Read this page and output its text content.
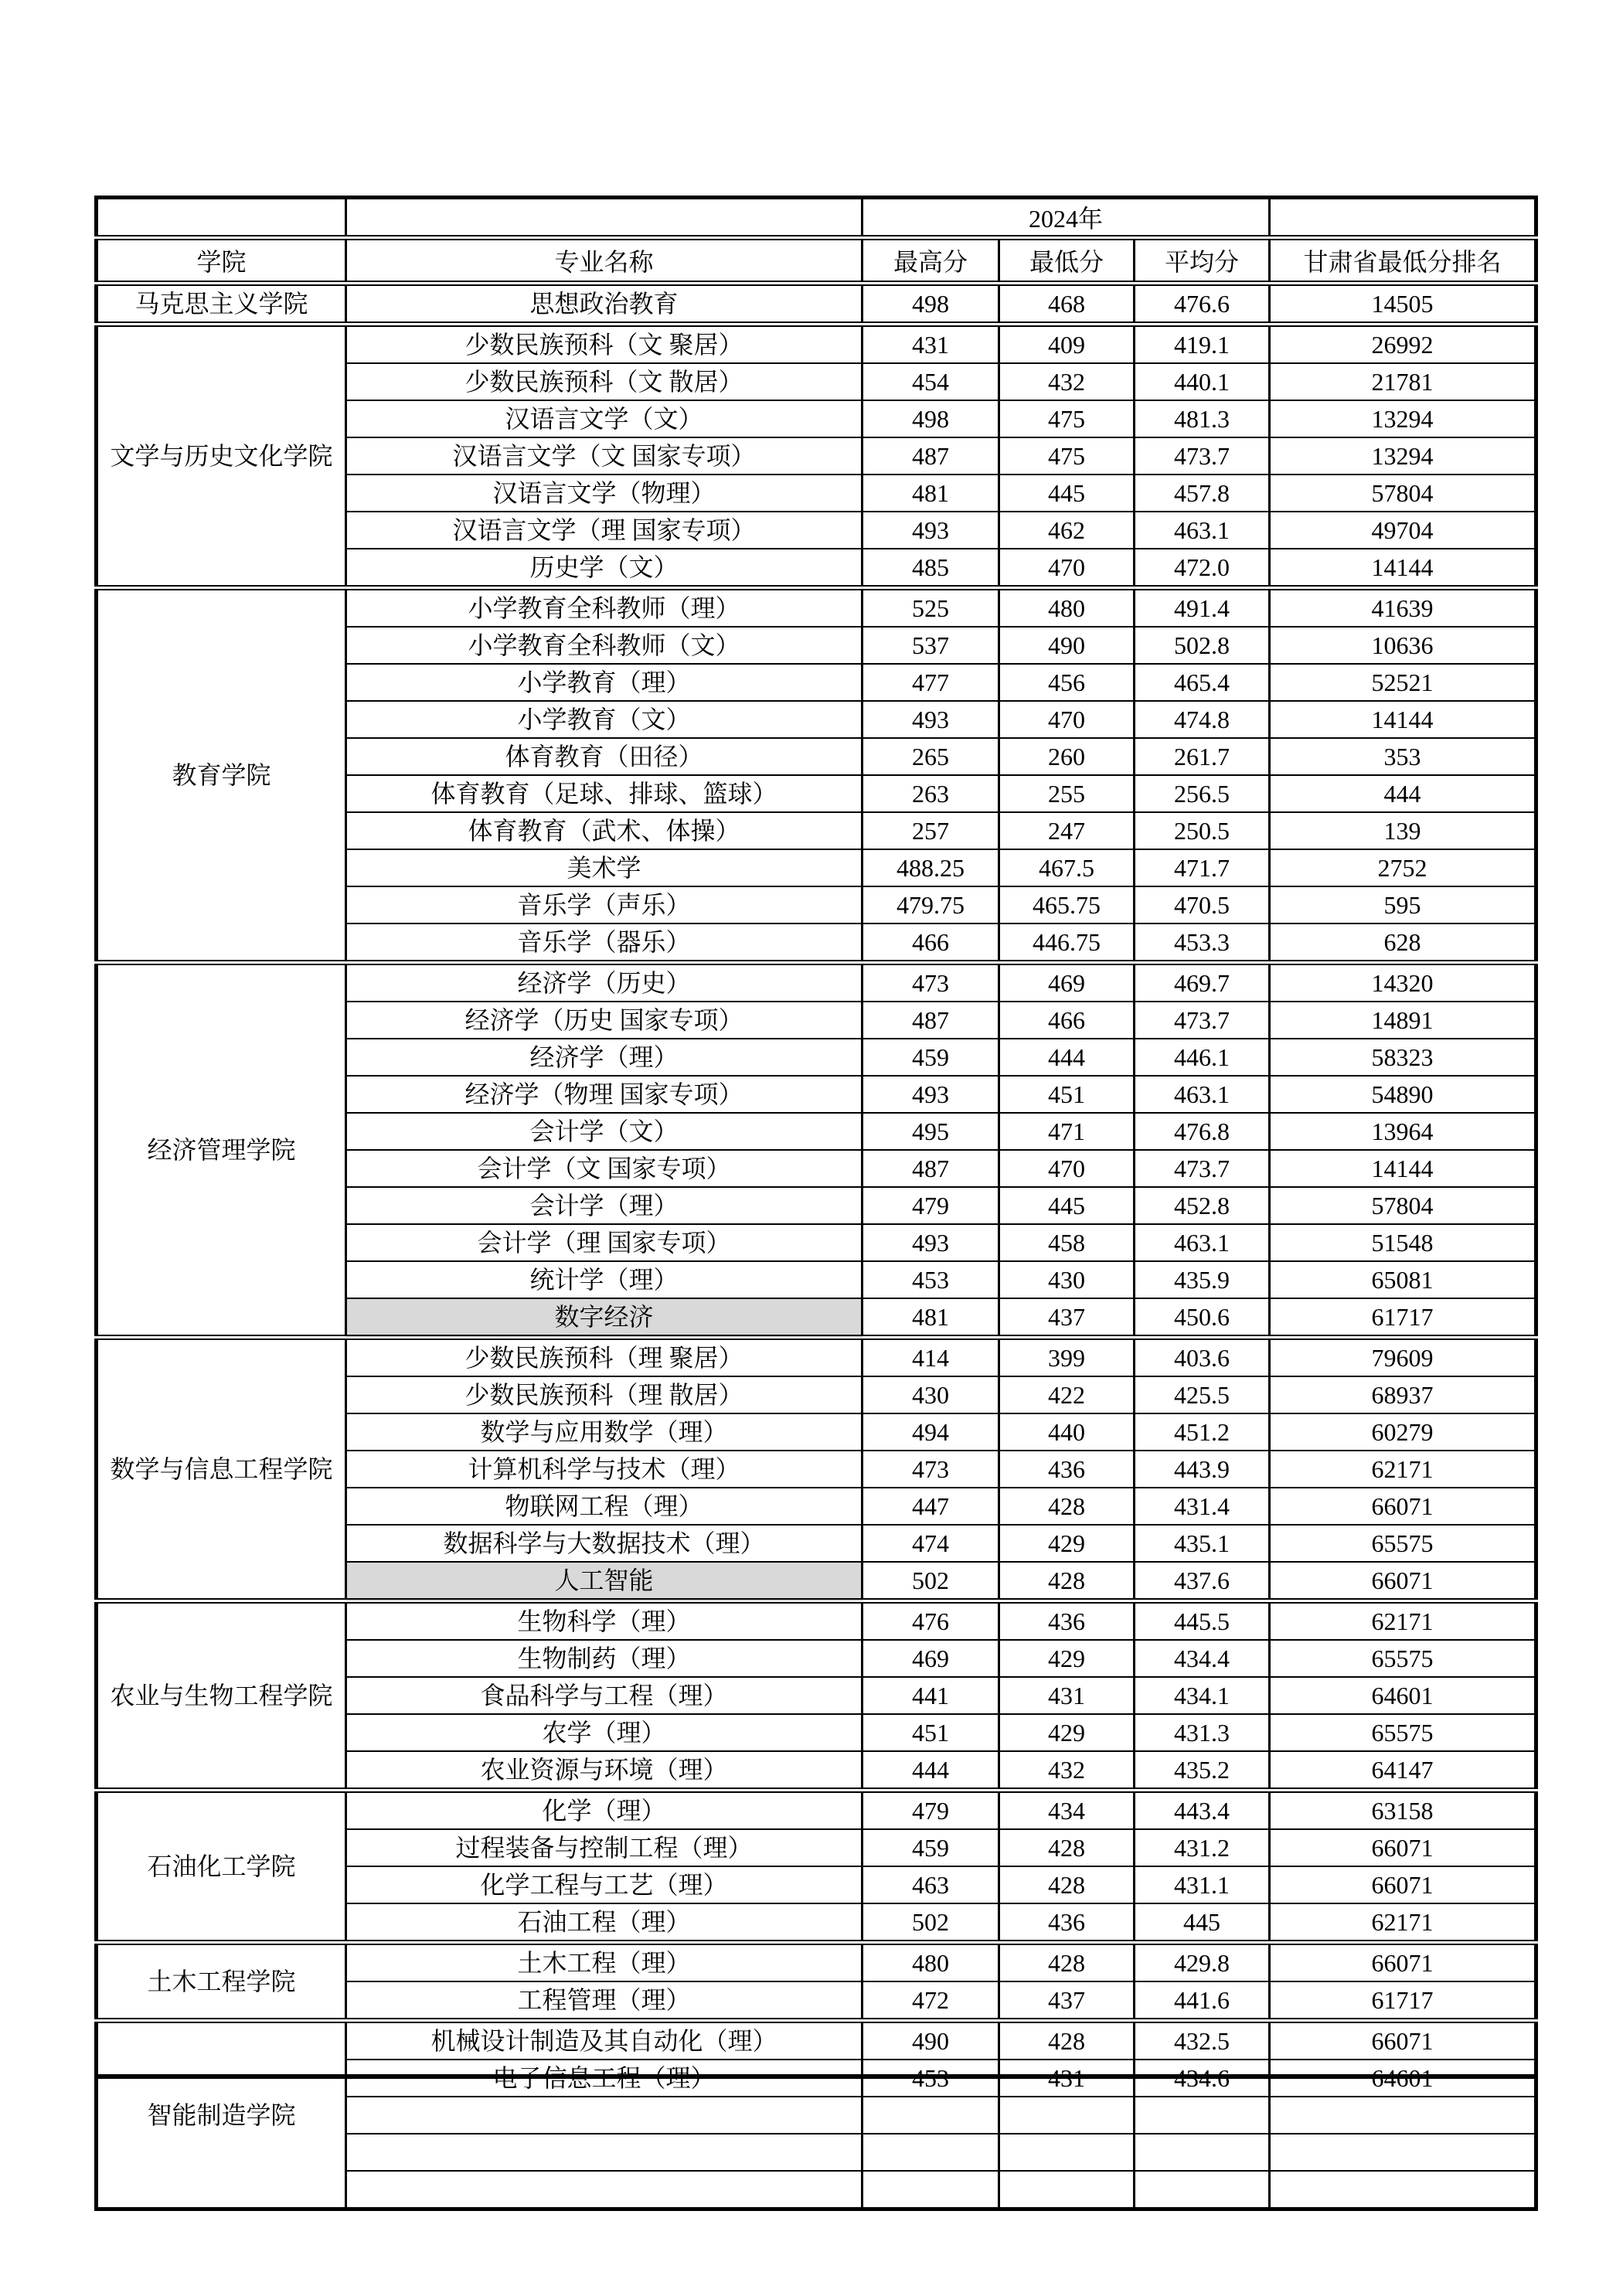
		2024年			
学院	专业名称	最高分	最低分	平均分	甘肃省最低分排名
马克思主义学院	思想政治教育	498	468	476.6	14505
文学与历史文化学院	少数民族预科（文 聚居）	431	409	419.1	26992
	少数民族预科（文 散居）	454	432	440.1	21781
	汉语言文学（文）	498	475	481.3	13294
	汉语言文学（文 国家专项）	487	475	473.7	13294
	汉语言文学（物理）	481	445	457.8	57804
	汉语言文学（理 国家专项）	493	462	463.1	49704
	历史学（文）	485	470	472.0	14144
教育学院	小学教育全科教师（理）	525	480	491.4	41639
	小学教育全科教师（文）	537	490	502.8	10636
	小学教育（理）	477	456	465.4	52521
	小学教育（文）	493	470	474.8	14144
	体育教育（田径）	265	260	261.7	353
	体育教育（足球、排球、篮球）	263	255	256.5	444
	体育教育（武术、体操）	257	247	250.5	139
	美术学	488.25	467.5	471.7	2752
	音乐学（声乐）	479.75	465.75	470.5	595
	音乐学（器乐）	466	446.75	453.3	628
经济管理学院	经济学（历史）	473	469	469.7	14320
	经济学（历史 国家专项）	487	466	473.7	14891
	经济学（理）	459	444	446.1	58323
	经济学（物理 国家专项）	493	451	463.1	54890
	会计学（文）	495	471	476.8	13964
	会计学（文 国家专项）	487	470	473.7	14144
	会计学（理）	479	445	452.8	57804
	会计学（理 国家专项）	493	458	463.1	51548
	统计学（理）	453	430	435.9	65081
	数字经济	481	437	450.6	61717
数学与信息工程学院	少数民族预科（理 聚居）	414	399	403.6	79609
	少数民族预科（理 散居）	430	422	425.5	68937
	数学与应用数学（理）	494	440	451.2	60279
	计算机科学与技术（理）	473	436	443.9	62171
	物联网工程（理）	447	428	431.4	66071
	数据科学与大数据技术（理）	474	429	435.1	65575
	人工智能	502	428	437.6	66071
农业与生物工程学院	生物科学（理）	476	436	445.5	62171
	生物制药（理）	469	429	434.4	65575
	食品科学与工程（理）	441	431	434.1	64601
	农学（理）	451	429	431.3	65575
	农业资源与环境（理）	444	432	435.2	64147
石油化工学院	化学（理）	479	434	443.4	63158
	过程装备与控制工程（理）	459	428	431.2	66071
	化学工程与工艺（理）	463	428	431.1	66071
	石油工程（理）	502	436	445	62171
土木工程学院	土木工程（理）	480	428	429.8	66071
	工程管理（理）	472	437	441.6	61717
智能制造学院	机械设计制造及其自动化（理）	490	428	432.5	66071
